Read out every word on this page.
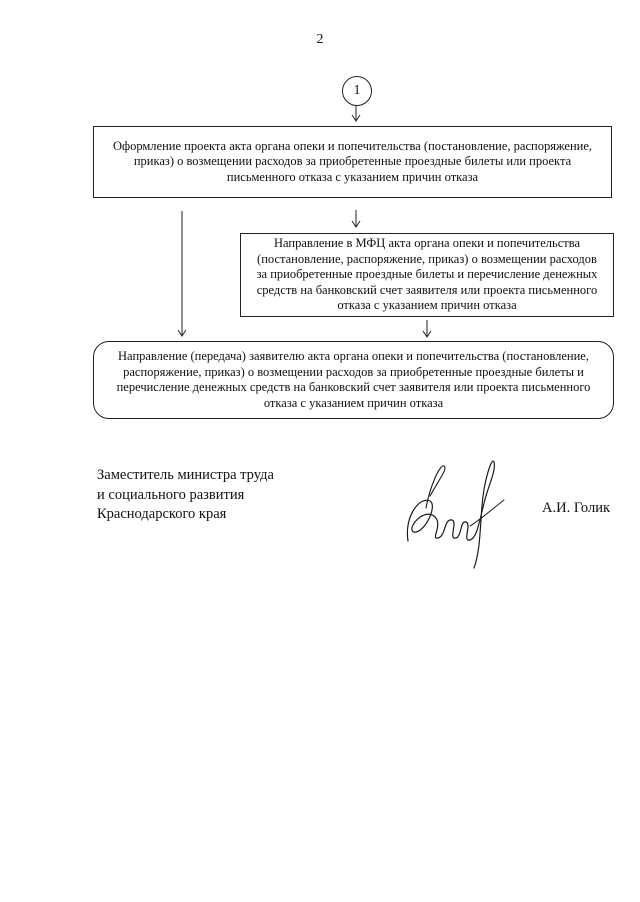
2
1
Оформление проекта акта органа опеки и попечительства (постановление, распоряжение,
приказ) о возмещении расходов за приобретенные проездные билеты или проекта
письменного отказа с указанием причин отказа
Направление в МФЦ акта органа опеки и попечительства
(постановление, распоряжение, приказ) о возмещении расходов
за приобретенные проездные билеты и перечисление денежных
средств на банковский счет заявителя или проекта письменного
отказа с указанием причин отказа
Направление (передача) заявителю акта органа опеки и попечительства (постановление,
распоряжение, приказ) о возмещении расходов за приобретенные проездные билеты и
перечисление денежных средств на банковский счет заявителя или проекта письменного
отказа с указанием причин отказа
Заместитель министра труда
и социального развития
Краснодарского края	А.И. Голик
